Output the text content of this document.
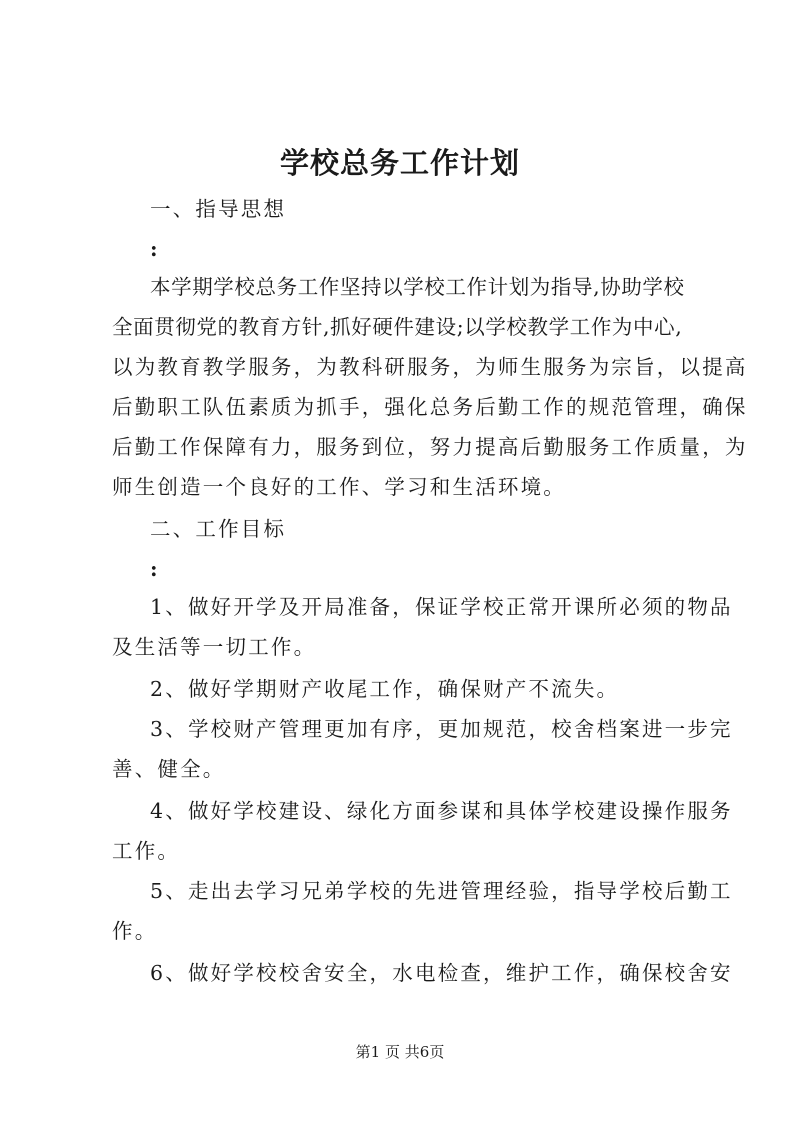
学校总务工作计划

一、指导思想

:

本学期学校总务工作坚持以学校工作计划为指导,协助学校

全面贯彻党的教育方针,抓好硬件建设;以学校教学工作为中心,

以为教育教学服务，为教科研服务，为师生服务为宗旨，以提高

后勤职工队伍素质为抓手，强化总务后勤工作的规范管理，确保

后勤工作保障有力，服务到位，努力提高后勤服务工作质量，为

师生创造一个良好的工作、学习和生活环境。

二、工作目标

:

1、做好开学及开局准备，保证学校正常开课所必须的物品

及生活等一切工作。

2、做好学期财产收尾工作，确保财产不流失。

3、学校财产管理更加有序，更加规范，校舍档案进一步完

善、健全。

4、做好学校建设、绿化方面参谋和具体学校建设操作服务

工作。

5、走出去学习兄弟学校的先进管理经验，指导学校后勤工

作。

6、做好学校校舍安全，水电检查，维护工作，确保校舍安

第1 页 共6页
